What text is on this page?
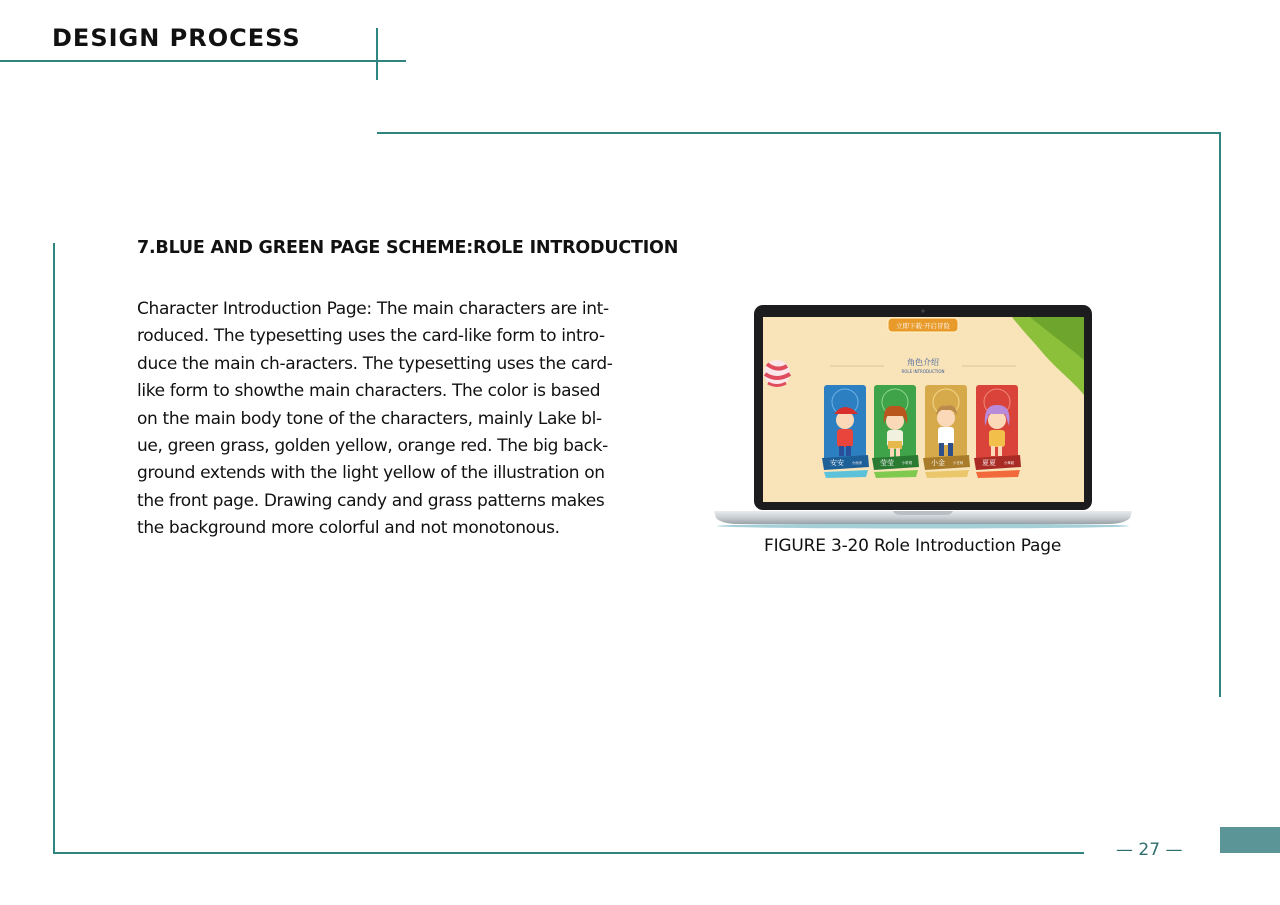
DESIGN PROCESS
7.BLUE AND GREEN PAGE SCHEME:ROLE INTRODUCTION
Character Introduction Page: The main characters are int-
roduced. The typesetting uses the card-like form to intro-
duce the main ch-aracters. The typesetting uses the card-
like form to showthe main characters. The color is based
on the main body tone of the characters, mainly Lake bl-
ue, green grass, golden yellow, orange red. The big back-
ground extends with the light yellow of the illustration on
the front page. Drawing candy and grass patterns makes
the background more colorful and not monotonous.
立即下载·开启冒险
角色介绍
ROLE INTRODUCTION
安安 小画家	莹莹 小歌唱	小金 小老师	夏夏 小舞蹈
FIGURE 3-20 Role Introduction Page
— 27 —
